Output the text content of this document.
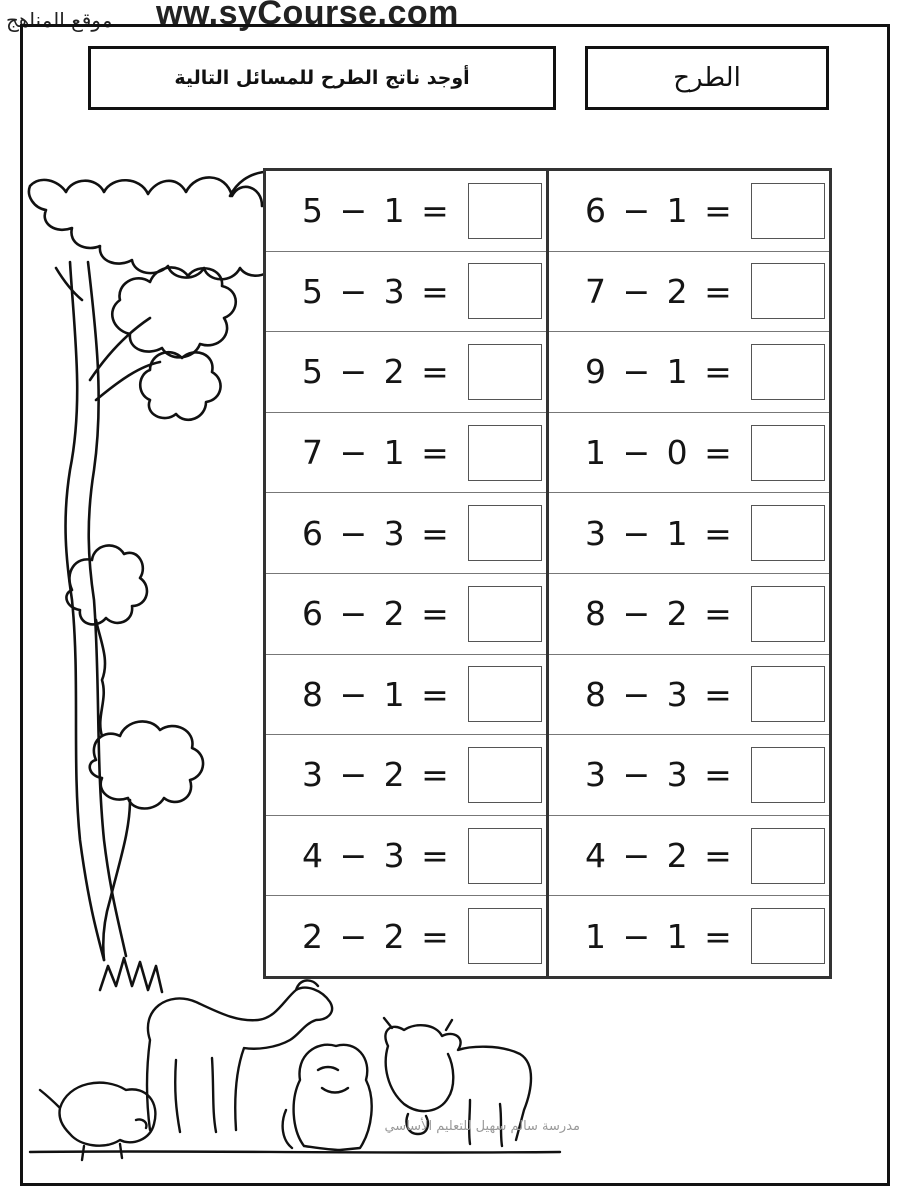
موقع المناهج ww.syCourse.com
أوجد ناتج الطرح للمسائل التالية	الطرح
5 − 1 =
5 − 3 =
5 − 2 =
7 − 1 =
6 − 3 =
6 − 2 =
8 − 1 =
3 − 2 =
4 − 3 =
2 − 2 =
6 − 1 =
7 − 2 =
9 − 1 =
1 − 0 =
3 − 1 =
8 − 2 =
8 − 3 =
3 − 3 =
4 − 2 =
1 − 1 =
مدرسة سالم سهيل للتعليم الأساسي
